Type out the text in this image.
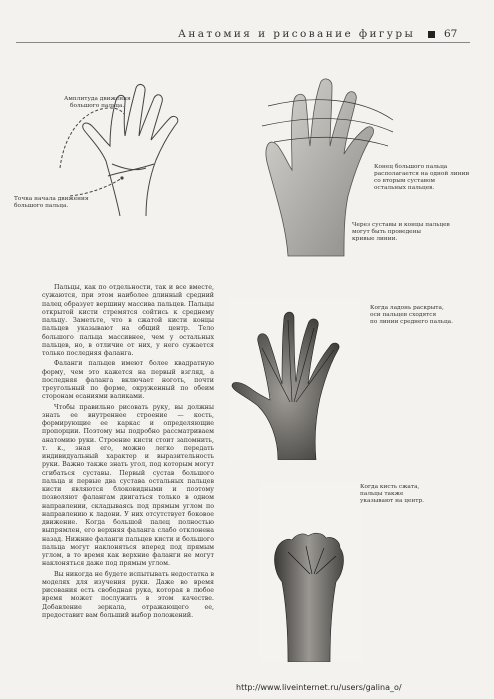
Анатомия и рисование фигуры	67
Амплитуда движения
большого пальца.
Точка начала движения
большого пальца.
Конец большого пальца
располагается на одной линии
со вторым суставом
остальных пальцев.
Через суставы и концы пальцев
могут быть проведены
кривые линии.
Когда ладонь раскрыта,
оси пальцев сходятся
по линии среднего пальца.
Когда кисть сжата,
пальцы также
указывают на центр.

Пальцы, как по отдельности, так и все вместе, сужаются, при этом наиболее длинный средний палец образует вершину массива пальцев. Пальцы открытой кисти стремятся сойтись к среднему пальцу. Заметьте, что в сжатой кисти концы пальцев указывают на общий центр. Тело большого пальца массивнее, чем у остальных пальцев, но, в отличие от них, у него сужается только последняя фаланга.

Фаланги пальцев имеют более квадратную форму, чем это кажется на первый взгляд, а последняя фаланга включает ноготь, почти треугольный по форме, окруженный по обеим сторонам есаниями валиками.

Чтобы правильно рисовать руку, вы должны знать ее внутреннее строение — кость, формирующие ее каркас и определяющие пропорции. Поэтому мы подробно рассматриваем анатомию руки. Строение кисти стоит запомнить, т. к., зная его, можно легко передать индивидуальный характер и выразительность руки. Важно также знать угол, под которым могут сгибаться суставы. Первый сустав большого пальца и первые два сустава остальных пальцев кисти являются блоковидными и поэтому позволяют фалангам двигаться только в одном направлении, складываясь под прямым углом по направлению к ладони. У них отсутствует боковое движение. Когда большой палец полностью выпрямлен, его верхняя фаланга слабо отклонена назад. Нижние фаланги пальцев кисти и большого пальца могут наклоняться вперед под прямым углом, в то время как верхние фаланги не могут наклоняться даже под прямым углом.

Вы никогда не будете испытывать недостатка в моделях для изучения руки. Даже во время рисования есть свободная рука, которая в любое время может послужить в этом качестве. Добавление зеркала, отражающего ее, предоставит вам больший выбор положений.

http://www.liveinternet.ru/users/galina_o/
